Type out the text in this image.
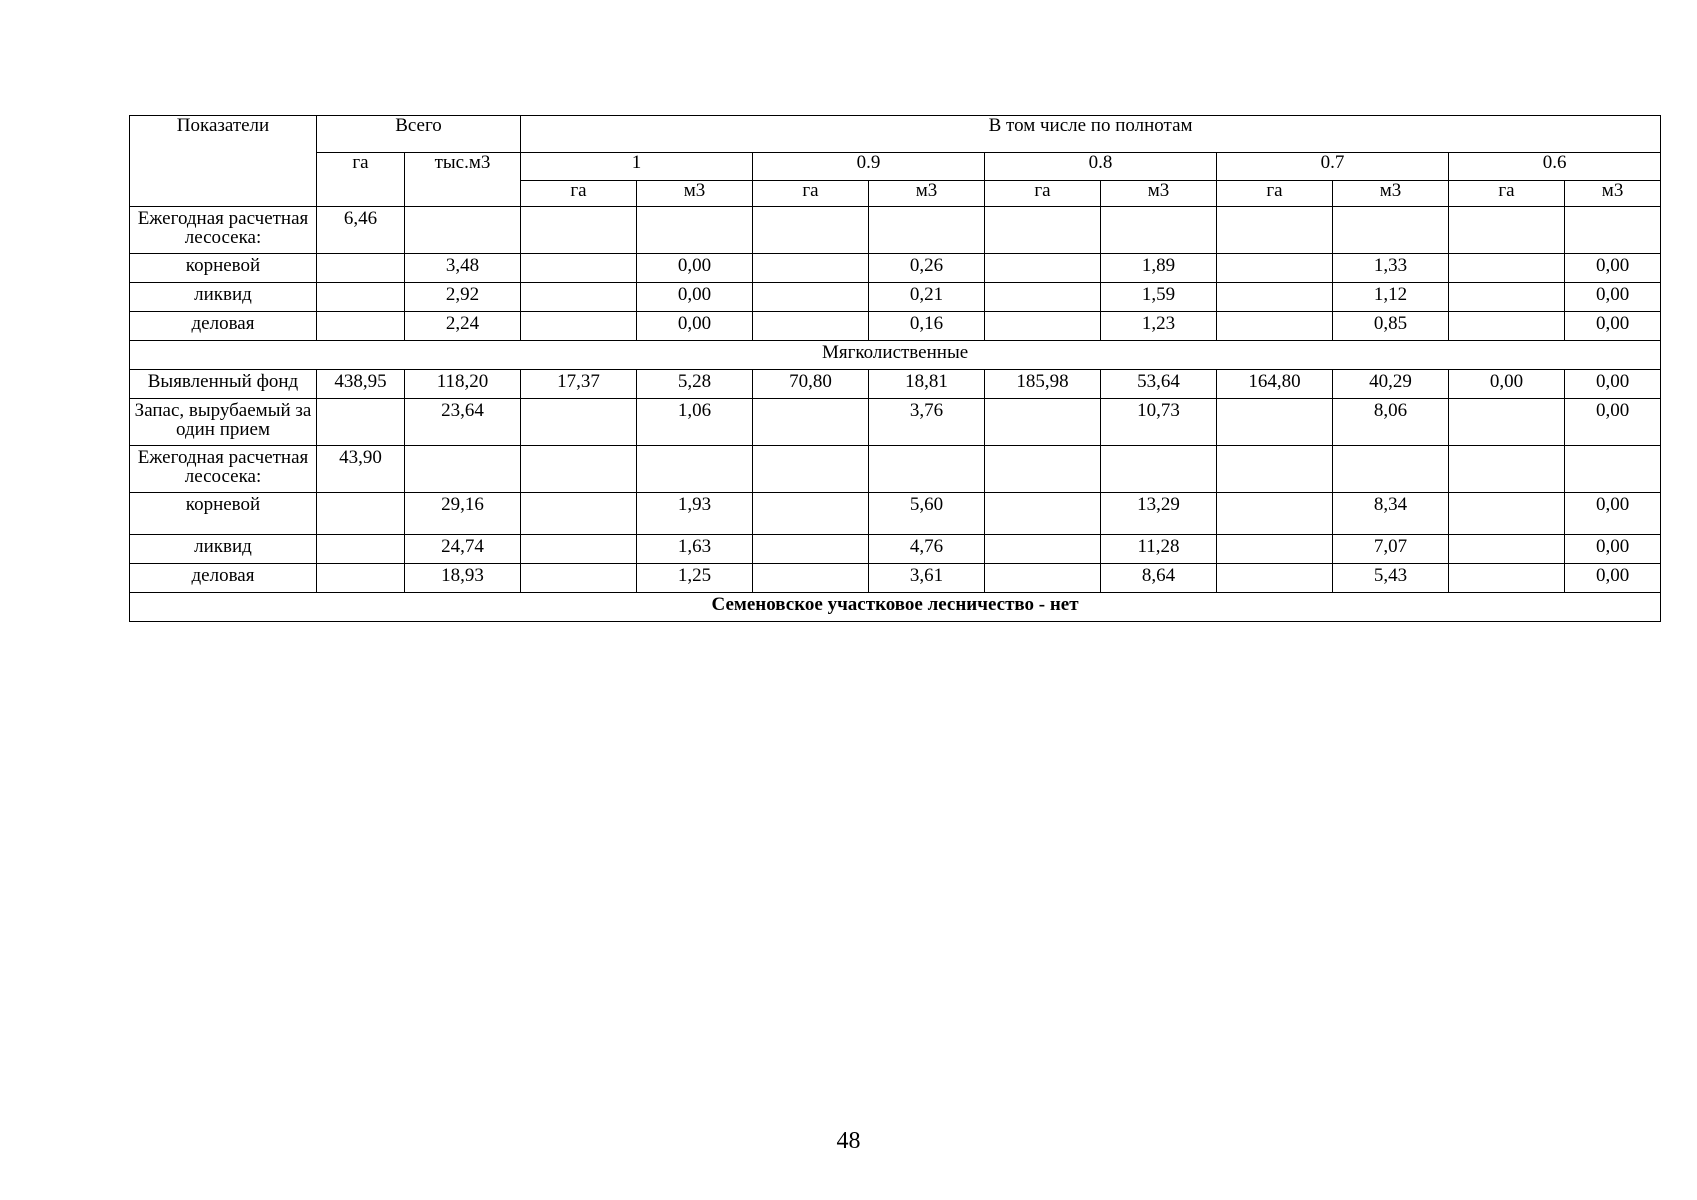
Показатели	Всего		В том числе по полнотам									
	га	тыс.м3	1		0.9		0.8		0.7		0.6	
			га	м3	га	м3	га	м3	га	м3	га	м3
Ежегодная расчетная лесосека:	6,46											
корневой		3,48		0,00		0,26		1,89		1,33		0,00
ликвид		2,92		0,00		0,21		1,59		1,12		0,00
деловая		2,24		0,00		0,16		1,23		0,85		0,00
Мягколиственные												
Выявленный фонд	438,95	118,20	17,37	5,28	70,80	18,81	185,98	53,64	164,80	40,29	0,00	0,00
Запас, вырубаемый за один прием		23,64		1,06		3,76		10,73		8,06		0,00
Ежегодная расчетная лесосека:	43,90											
корневой		29,16		1,93		5,60		13,29		8,34		0,00
ликвид		24,74		1,63		4,76		11,28		7,07		0,00
деловая		18,93		1,25		3,61		8,64		5,43		0,00
Семеновское участковое лесничество - нет												
48
